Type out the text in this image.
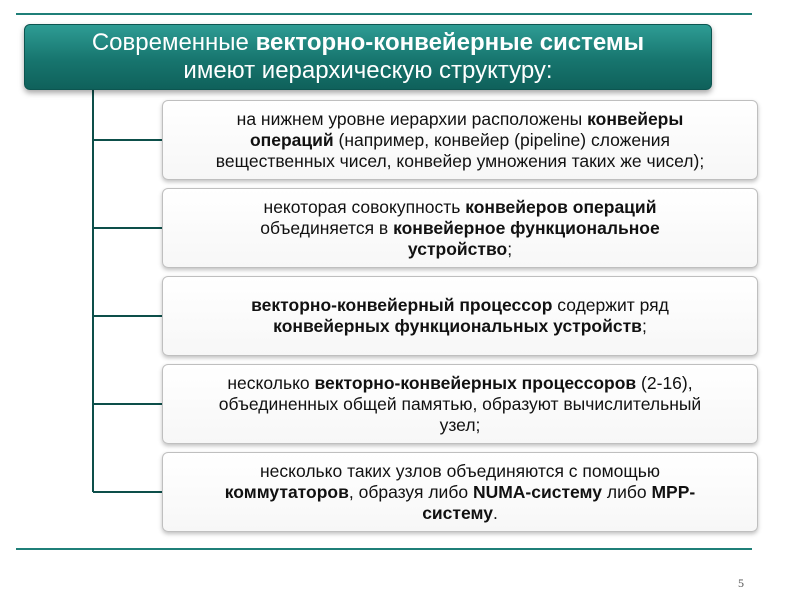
Современные векторно-конвейерные системы
имеют иерархическую структуру:
на нижнем уровне иерархии расположены конвейеры
операций (например, конвейер (pipeline) сложения
вещественных чисел, конвейер умножения таких же чисел);
некоторая совокупность конвейеров операций
объединяется в конвейерное функциональное
устройство;
векторно-конвейерный процессор содержит ряд
конвейерных функциональных устройств;
несколько векторно-конвейерных процессоров (2-16),
объединенных общей памятью, образуют вычислительный
узел;
несколько таких узлов объединяются с помощью
коммутаторов, образуя либо NUMA-систему либо MPP-
систему.
5
